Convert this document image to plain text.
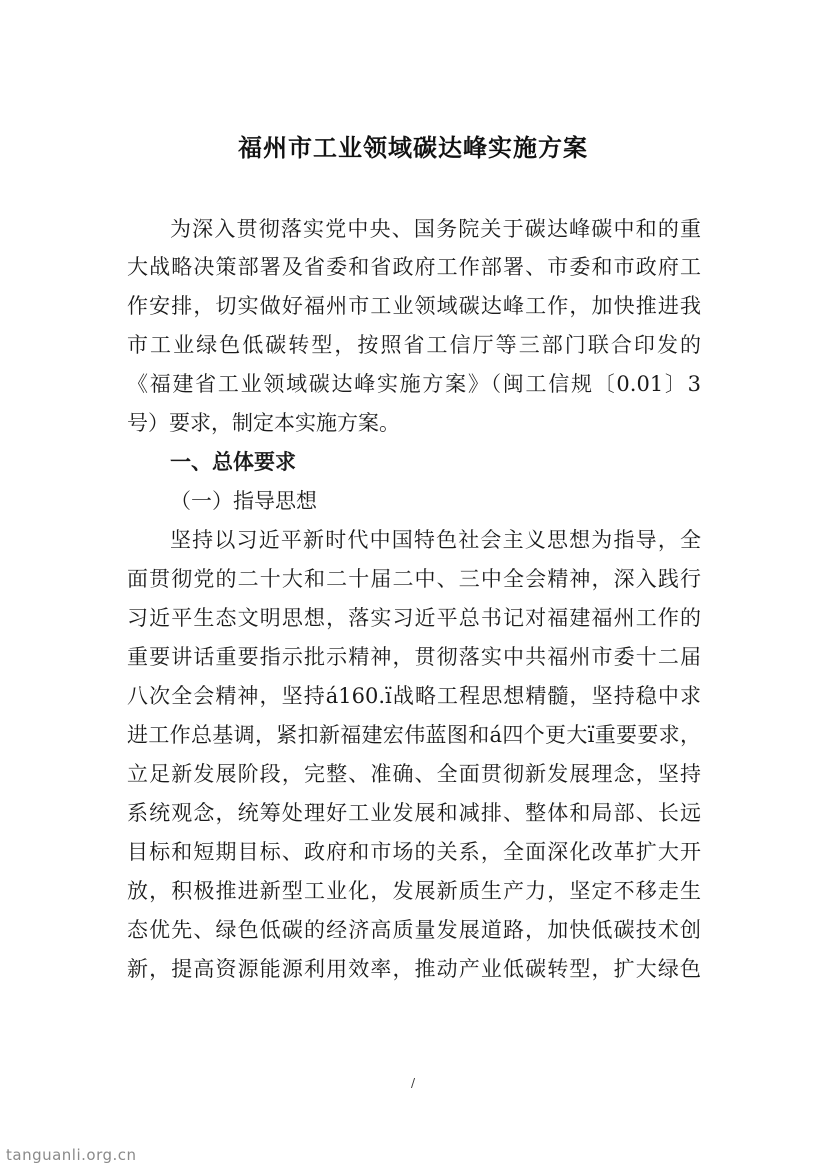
福州市工业领域碳达峰实施方案
为深入贯彻落实党中央、国务院关于碳达峰碳中和的重
大战略决策部署及省委和省政府工作部署、市委和市政府工
作安排，切实做好福州市工业领域碳达峰工作，加快推进我
市工业绿色低碳转型，按照省工信厅等三部门联合印发的
《福建省工业领域碳达峰实施方案》（闽工信规〔0.01〕3
号）要求，制定本实施方案。
一、总体要求
（一）指导思想
坚持以习近平新时代中国特色社会主义思想为指导，全
面贯彻党的二十大和二十届二中、三中全会精神，深入践行
习近平生态文明思想，落实习近平总书记对福建福州工作的
重要讲话重要指示批示精神，贯彻落实中共福州市委十二届
八次全会精神，坚持á160.ï战略工程思想精髓，坚持稳中求
进工作总基调，紧扣新福建宏伟蓝图和á四个更大ï重要要求，
立足新发展阶段，完整、准确、全面贯彻新发展理念，坚持
系统观念，统筹处理好工业发展和减排、整体和局部、长远
目标和短期目标、政府和市场的关系，全面深化改革扩大开
放，积极推进新型工业化，发展新质生产力，坚定不移走生
态优先、绿色低碳的经济高质量发展道路，加快低碳技术创
新，提高资源能源利用效率，推动产业低碳转型，扩大绿色
/
tanguanli.org.cn
